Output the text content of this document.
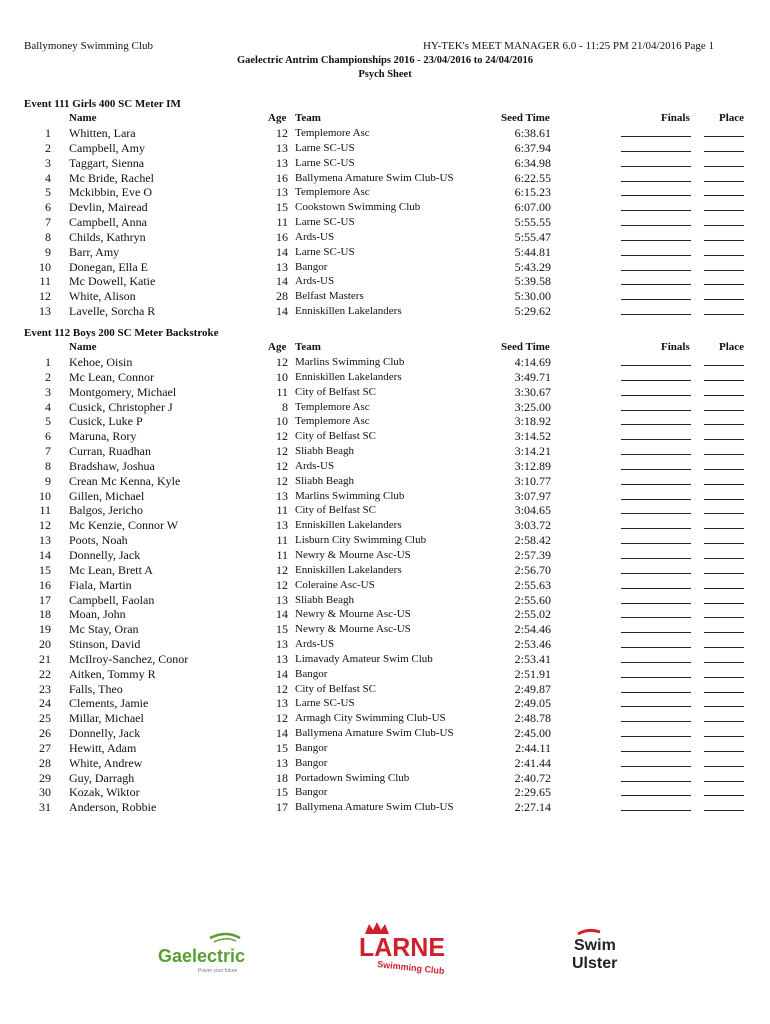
Ballymoney Swimming Club	HY-TEK's MEET MANAGER 6.0 - 11:25 PM 21/04/2016 Page 1
Gaelectric Antrim Championships 2016 - 23/04/2016 to 24/04/2016
Psych Sheet
Event 111 Girls 400 SC Meter IM
Name	Age Team	Seed Time	Finals	Place
1 Whitten, Lara	12 Templemore Asc	6:38.61
2 Campbell, Amy	13 Larne SC-US	6:37.94
3 Taggart, Sienna	13 Larne SC-US	6:34.98
4 Mc Bride, Rachel	16 Ballymena Amature Swim Club-US	6:22.55
5 Mckibbin, Eve O	13 Templemore Asc	6:15.23
6 Devlin, Mairead	15 Cookstown Swimming Club	6:07.00
7 Campbell, Anna	11 Larne SC-US	5:55.55
8 Childs, Kathryn	16 Ards-US	5:55.47
9 Barr, Amy	14 Larne SC-US	5:44.81
10 Donegan, Ella E	13 Bangor	5:43.29
11 Mc Dowell, Katie	14 Ards-US	5:39.58
12 White, Alison	28 Belfast Masters	5:30.00
13 Lavelle, Sorcha R	14 Enniskillen Lakelanders	5:29.62
Event 112 Boys 200 SC Meter Backstroke
Name	Age Team	Seed Time	Finals	Place
1 Kehoe, Oisin	12 Marlins Swimming Club	4:14.69
2 Mc Lean, Connor	10 Enniskillen Lakelanders	3:49.71
3 Montgomery, Michael	11 City of Belfast SC	3:30.67
4 Cusick, Christopher J	8 Templemore Asc	3:25.00
5 Cusick, Luke P	10 Templemore Asc	3:18.92
6 Maruna, Rory	12 City of Belfast SC	3:14.52
7 Curran, Ruadhan	12 Sliabh Beagh	3:14.21
8 Bradshaw, Joshua	12 Ards-US	3:12.89
9 Crean Mc Kenna, Kyle	12 Sliabh Beagh	3:10.77
10 Gillen, Michael	13 Marlins Swimming Club	3:07.97
11 Balgos, Jericho	11 City of Belfast SC	3:04.65
12 Mc Kenzie, Connor W	13 Enniskillen Lakelanders	3:03.72
13 Poots, Noah	11 Lisburn City Swimming Club	2:58.42
14 Donnelly, Jack	11 Newry & Mourne Asc-US	2:57.39
15 Mc Lean, Brett A	12 Enniskillen Lakelanders	2:56.70
16 Fiala, Martin	12 Coleraine Asc-US	2:55.63
17 Campbell, Faolan	13 Sliabh Beagh	2:55.60
18 Moan, John	14 Newry & Mourne Asc-US	2:55.02
19 Mc Stay, Oran	15 Newry & Mourne Asc-US	2:54.46
20 Stinson, David	13 Ards-US	2:53.46
21 McIlroy-Sanchez, Conor	13 Limavady Amateur Swim Club	2:53.41
22 Aitken, Tommy R	14 Bangor	2:51.91
23 Falls, Theo	12 City of Belfast SC	2:49.87
24 Clements, Jamie	13 Larne SC-US	2:49.05
25 Millar, Michael	12 Armagh City Swimming Club-US	2:48.78
26 Donnelly, Jack	14 Ballymena Amature Swim Club-US	2:45.00
27 Hewitt, Adam	15 Bangor	2:44.11
28 White, Andrew	13 Bangor	2:41.44
29 Guy, Darragh	18 Portadown Swiming Club	2:40.72
30 Kozak, Wiktor	15 Bangor	2:29.65
31 Anderson, Robbie	17 Ballymena Amature Swim Club-US	2:27.14
Gaelectric
Power your future
LARNE
Swimming Club
Swim
Ulster
